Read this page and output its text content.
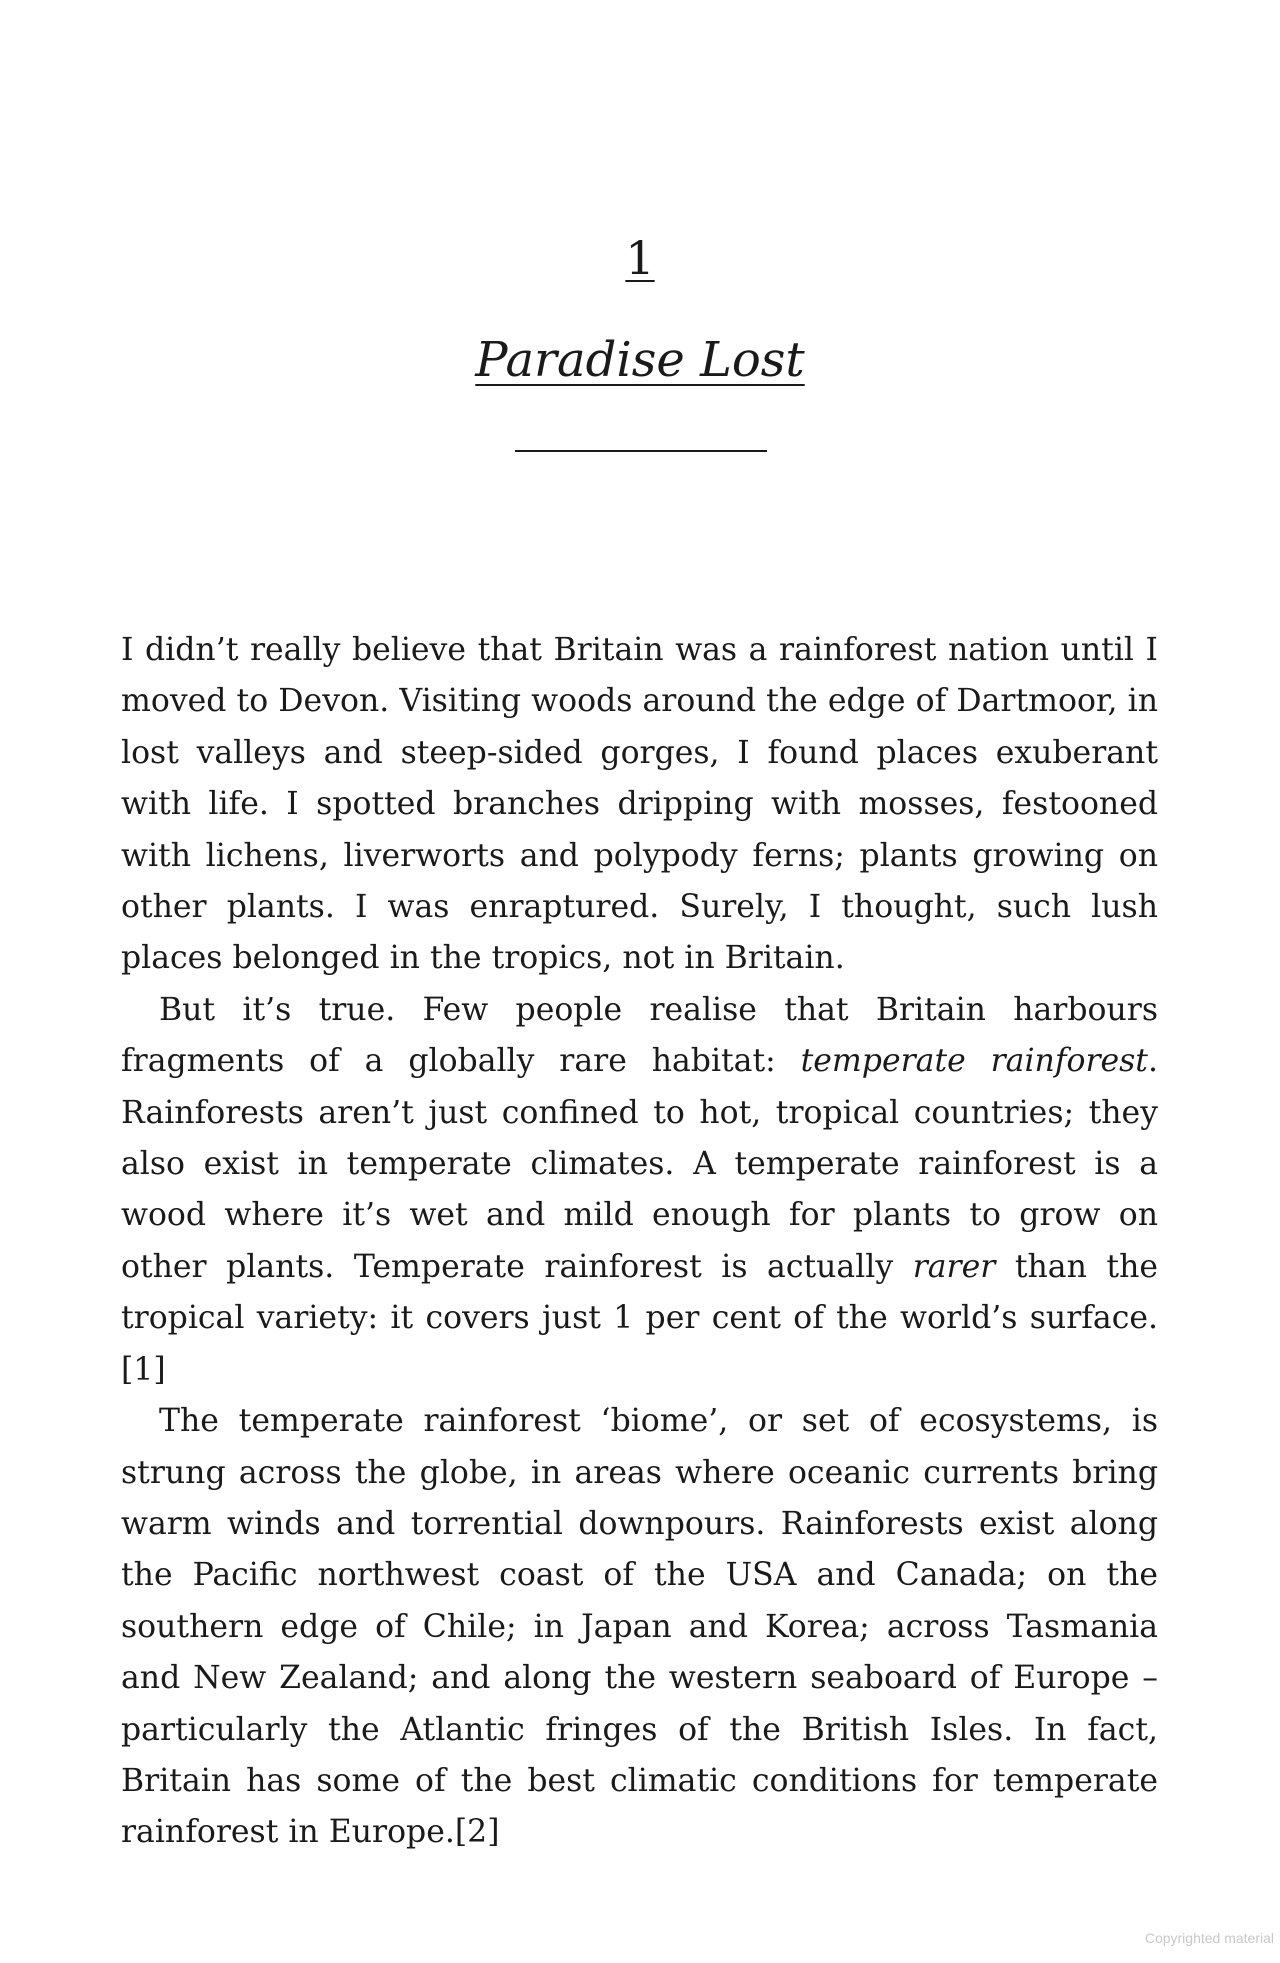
1
Paradise Lost

I didn’t really believe that Britain was a rainforest nation until I moved to Devon. Visiting woods around the edge of Dartmoor, in lost valleys and steep-sided gorges, I found places exuberant with life. I spotted branches dripping with mosses, festooned with lichens, liverworts and polypody ferns; plants growing on other plants. I was enraptured. Surely, I thought, such lush places belonged in the tropics, not in Britain.

But it’s true. Few people realise that Britain harbours fragments of a globally rare habitat: temperate rainforest. Rainforests aren’t just confined to hot, tropical countries; they also exist in temperate climates. A temperate rainforest is a wood where it’s wet and mild enough for plants to grow on other plants. Temperate rainforest is actually rarer than the tropical variety: it covers just 1 per cent of the world’s surface.[1]

The temperate rainforest ‘biome’, or set of ecosystems, is strung across the globe, in areas where oceanic currents bring warm winds and torrential downpours. Rainforests exist along the Pacific northwest coast of the USA and Canada; on the southern edge of Chile; in Japan and Korea; across Tasmania and New Zealand; and along the western seaboard of Europe – particularly the Atlantic fringes of the British Isles. In fact, Britain has some of the best climatic conditions for temperate rainforest in Europe.[2]

Copyrighted material
